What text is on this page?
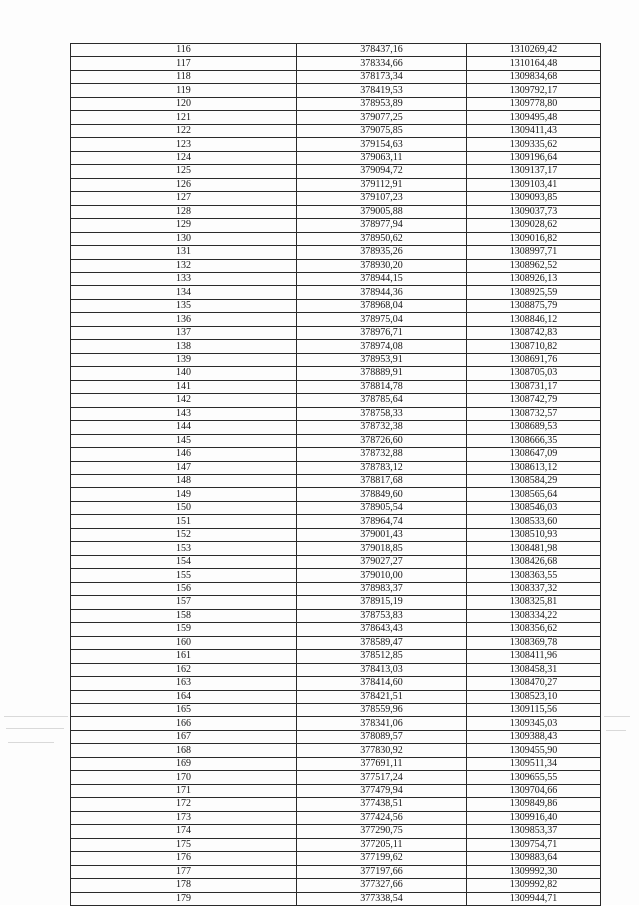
116	378437,16	1310269,42
117	378334,66	1310164,48
118	378173,34	1309834,68
119	378419,53	1309792,17
120	378953,89	1309778,80
121	379077,25	1309495,48
122	379075,85	1309411,43
123	379154,63	1309335,62
124	379063,11	1309196,64
125	379094,72	1309137,17
126	379112,91	1309103,41
127	379107,23	1309093,85
128	379005,88	1309037,73
129	378977,94	1309028,62
130	378950,62	1309016,82
131	378935,26	1308997,71
132	378930,20	1308962,52
133	378944,15	1308926,13
134	378944,36	1308925,59
135	378968,04	1308875,79
136	378975,04	1308846,12
137	378976,71	1308742,83
138	378974,08	1308710,82
139	378953,91	1308691,76
140	378889,91	1308705,03
141	378814,78	1308731,17
142	378785,64	1308742,79
143	378758,33	1308732,57
144	378732,38	1308689,53
145	378726,60	1308666,35
146	378732,88	1308647,09
147	378783,12	1308613,12
148	378817,68	1308584,29
149	378849,60	1308565,64
150	378905,54	1308546,03
151	378964,74	1308533,60
152	379001,43	1308510,93
153	379018,85	1308481,98
154	379027,27	1308426,68
155	379010,00	1308363,55
156	378983,37	1308337,32
157	378915,19	1308325,81
158	378753,83	1308334,22
159	378643,43	1308356,62
160	378589,47	1308369,78
161	378512,85	1308411,96
162	378413,03	1308458,31
163	378414,60	1308470,27
164	378421,51	1308523,10
165	378559,96	1309115,56
166	378341,06	1309345,03
167	378089,57	1309388,43
168	377830,92	1309455,90
169	377691,11	1309511,34
170	377517,24	1309655,55
171	377479,94	1309704,66
172	377438,51	1309849,86
173	377424,56	1309916,40
174	377290,75	1309853,37
175	377205,11	1309754,71
176	377199,62	1309883,64
177	377197,66	1309992,30
178	377327,66	1309992,82
179	377338,54	1309944,71
